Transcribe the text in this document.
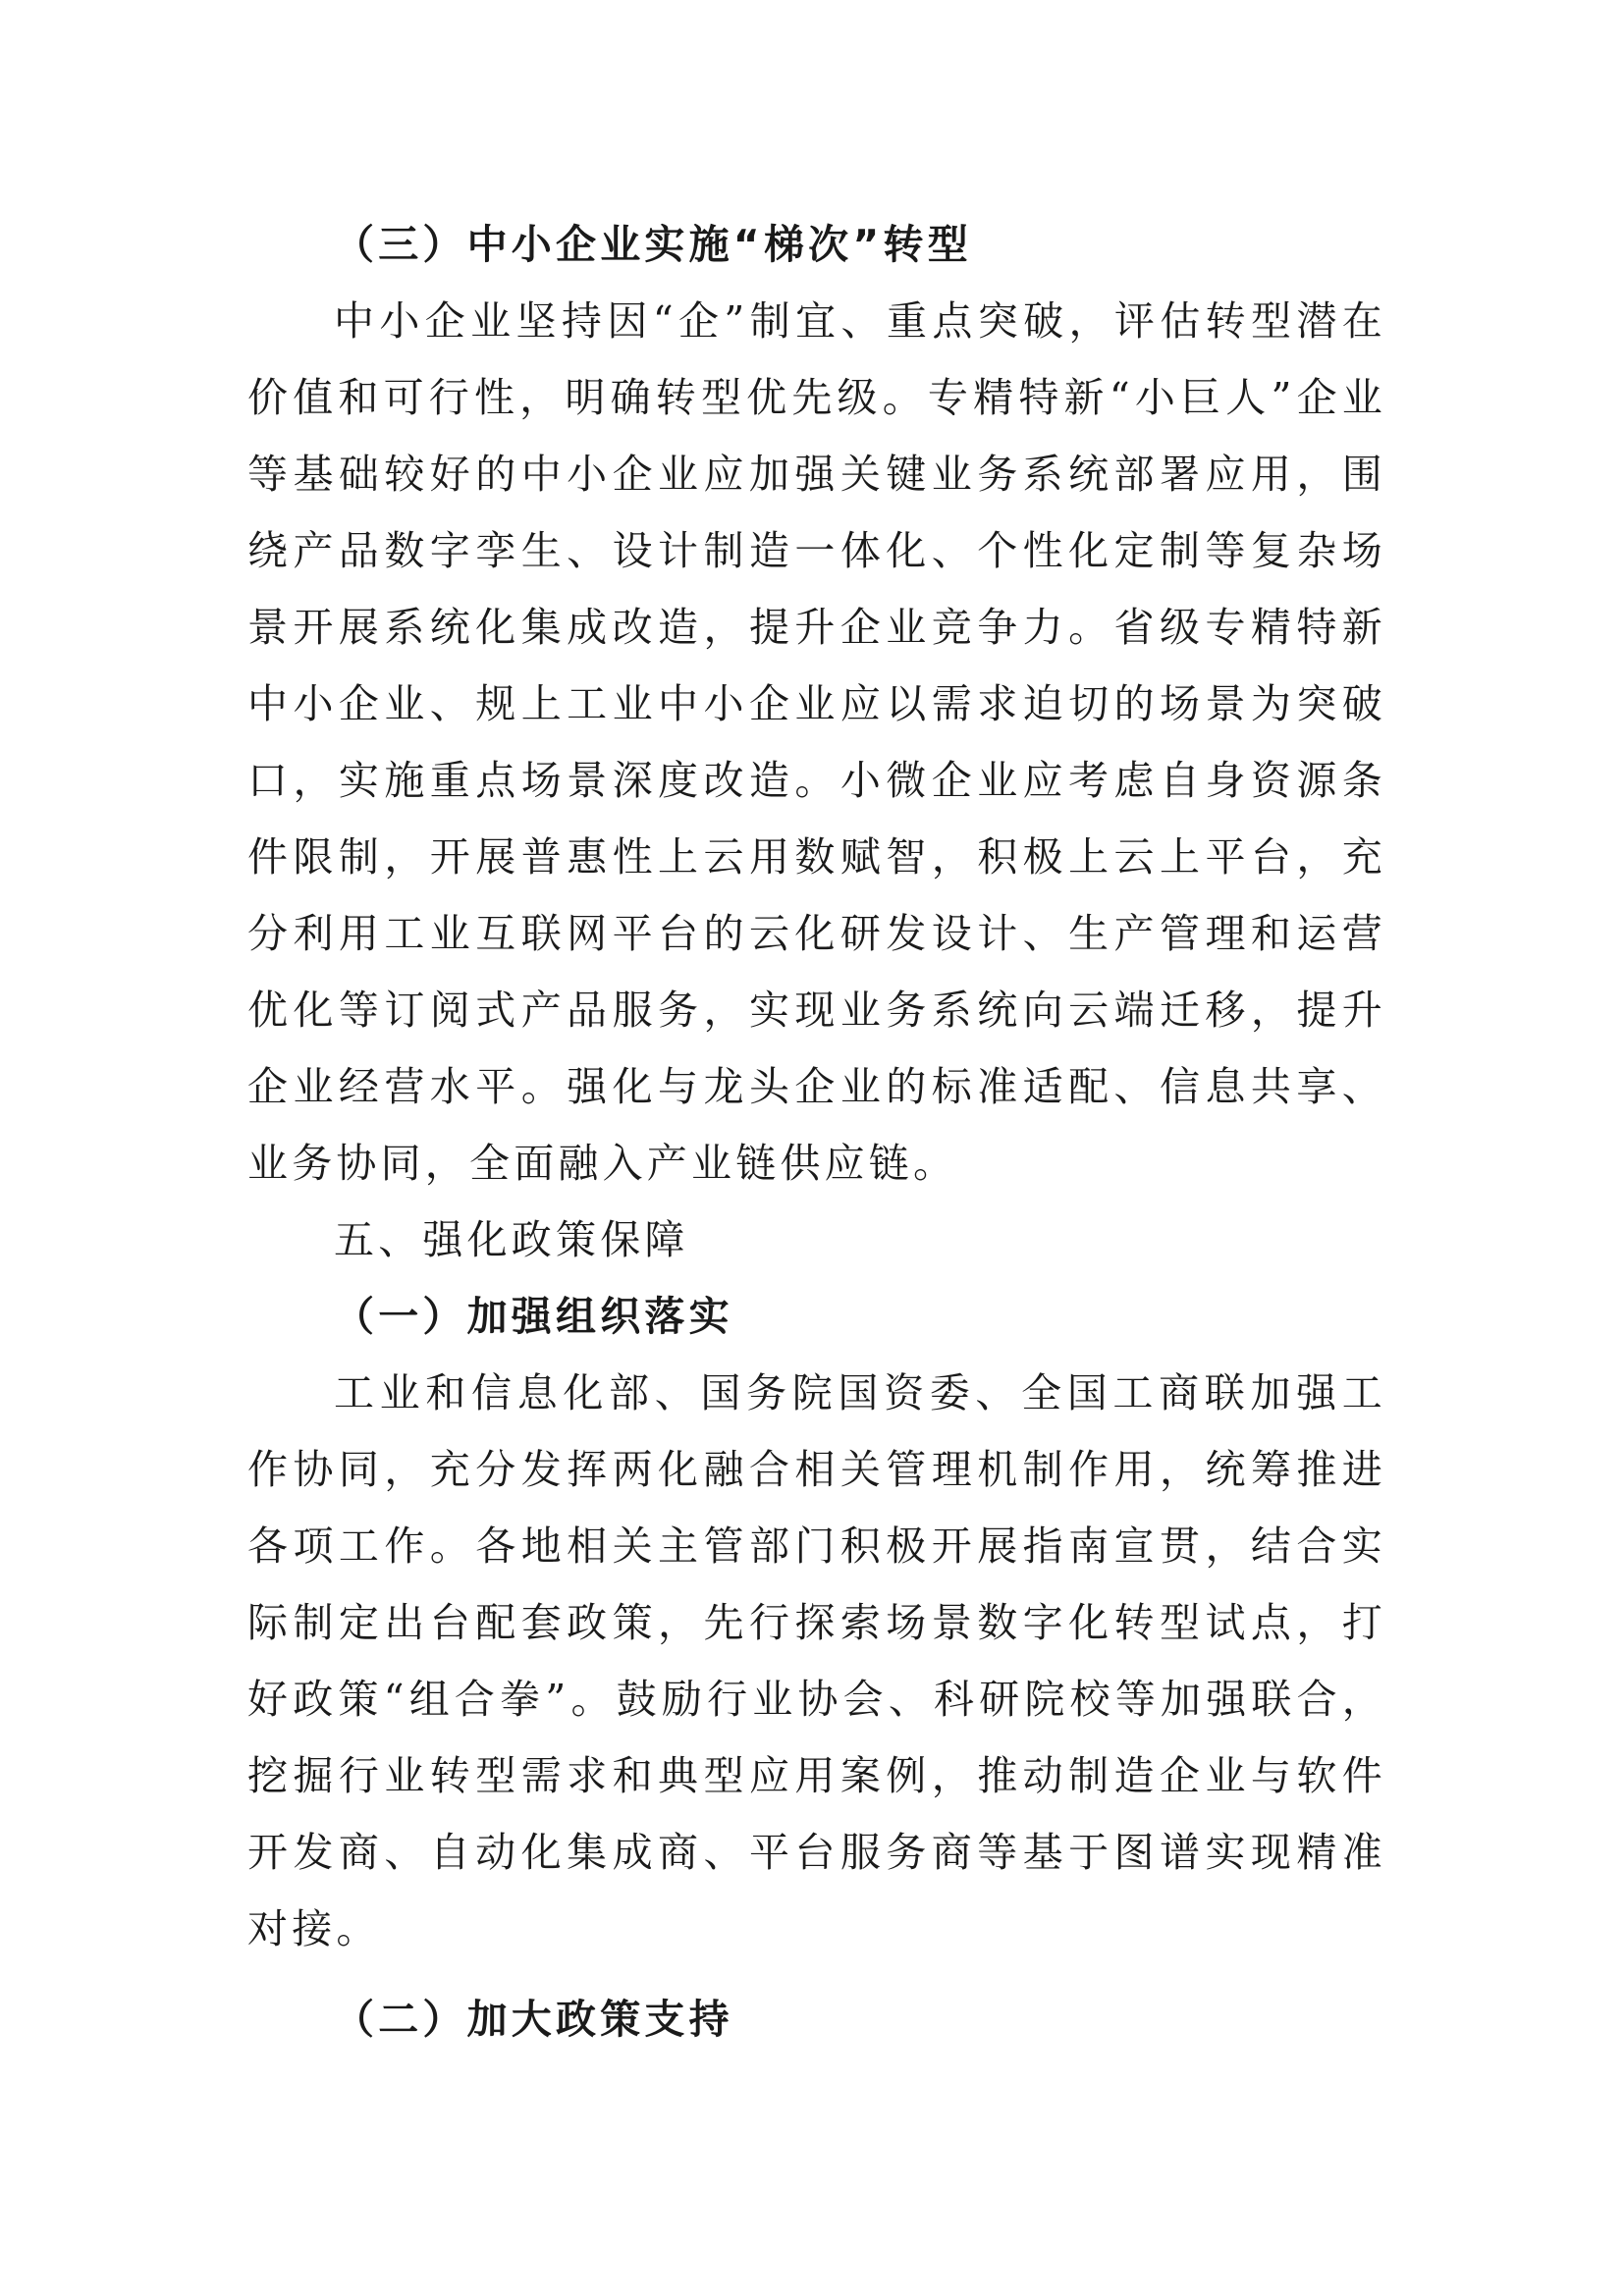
（三）中小企业实施“梯次”转型

中小企业坚持因“企”制宜、重点突破，评估转型潜在价值和可行性，明确转型优先级。专精特新“小巨人”企业等基础较好的中小企业应加强关键业务系统部署应用，围绕产品数字孪生、设计制造一体化、个性化定制等复杂场景开展系统化集成改造，提升企业竞争力。省级专精特新中小企业、规上工业中小企业应以需求迫切的场景为突破口，实施重点场景深度改造。小微企业应考虑自身资源条件限制，开展普惠性上云用数赋智，积极上云上平台，充分利用工业互联网平台的云化研发设计、生产管理和运营优化等订阅式产品服务，实现业务系统向云端迁移，提升企业经营水平。强化与龙头企业的标准适配、信息共享、业务协同，全面融入产业链供应链。

五、强化政策保障
（一）加强组织落实

工业和信息化部、国务院国资委、全国工商联加强工作协同，充分发挥两化融合相关管理机制作用，统筹推进各项工作。各地相关主管部门积极开展指南宣贯，结合实际制定出台配套政策，先行探索场景数字化转型试点，打好政策“组合拳”。鼓励行业协会、科研院校等加强联合，挖掘行业转型需求和典型应用案例，推动制造企业与软件开发商、自动化集成商、平台服务商等基于图谱实现精准对接。

（二）加大政策支持
